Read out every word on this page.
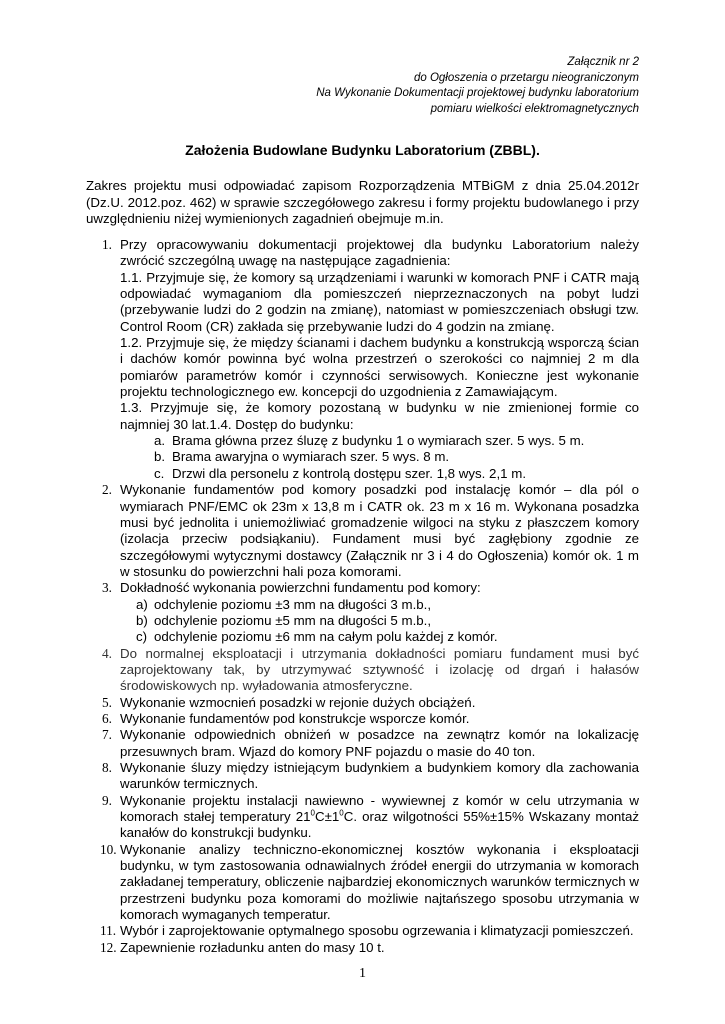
Załącznik nr 2
do Ogłoszenia o przetargu nieograniczonym
Na Wykonanie Dokumentacji projektowej budynku laboratorium
pomiaru wielkości elektromagnetycznych
Założenia Budowlane Budynku Laboratorium (ZBBL).
Zakres projektu musi odpowiadać zapisom Rozporządzenia MTBiGM z dnia 25.04.2012r (Dz.U. 2012.poz. 462) w sprawie szczegółowego zakresu i formy projektu budowlanego i przy uwzględnieniu niżej wymienionych zagadnień obejmuje m.in.
1. Przy opracowywaniu dokumentacji projektowej dla budynku Laboratorium należy zwrócić szczególną uwagę na następujące zagadnienia:
1.1. Przyjmuje się, że komory są urządzeniami i warunki w komorach PNF i CATR mają odpowiadać wymaganiom dla pomieszczeń nieprzeznaczonych na pobyt ludzi (przebywanie ludzi do 2 godzin na zmianę), natomiast w pomieszczeniach obsługi tzw. Control Room (CR) zakłada się przebywanie ludzi do 4 godzin na zmianę.
1.2. Przyjmuje się, że między ścianami i dachem budynku a konstrukcją wsporczą ścian i dachów komór powinna być wolna przestrzeń o szerokości co najmniej 2 m dla pomiarów parametrów komór i czynności serwisowych. Konieczne jest wykonanie projektu technologicznego ew. koncepcji do uzgodnienia z Zamawiającym.
1.3. Przyjmuje się, że komory pozostaną w budynku w nie zmienionej formie co najmniej 30 lat.1.4. Dostęp do budynku:
a. Brama główna przez śluzę z budynku 1 o wymiarach szer. 5 wys. 5 m.
b. Brama awaryjna o wymiarach szer. 5 wys. 8 m.
c. Drzwi dla personelu z kontrolą dostępu szer. 1,8 wys. 2,1 m.
2. Wykonanie fundamentów pod komory posadzki pod instalację komór – dla pól o wymiarach PNF/EMC ok 23m x 13,8 m i CATR ok. 23 m x 16 m. Wykonana posadzka musi być jednolita i uniemożliwiać gromadzenie wilgoci na styku z płaszczem komory (izolacja przeciw podsiąkaniu). Fundament musi być zagłębiony zgodnie ze szczegółowymi wytycznymi dostawcy (Załącznik nr 3 i 4 do Ogłoszenia) komór ok. 1 m w stosunku do powierzchni hali poza komorami.
3. Dokładność wykonania powierzchni fundamentu pod komory:
a) odchylenie poziomu ±3 mm na długości 3 m.b.,
b) odchylenie poziomu ±5 mm na długości 5 m.b.,
c) odchylenie poziomu ±6 mm na całym polu każdej z komór.
4. Do normalnej eksploatacji i utrzymania dokładności pomiaru fundament musi być zaprojektowany tak, by utrzymywać sztywność i izolację od drgań i hałasów środowiskowych np. wyładowania atmosferyczne.
5. Wykonanie wzmocnień posadzki w rejonie dużych obciążeń.
6. Wykonanie fundamentów pod konstrukcje wsporcze komór.
7. Wykonanie odpowiednich obniżeń w posadzce na zewnątrz komór na lokalizację przesuwnych bram. Wjazd do komory PNF pojazdu o masie do 40 ton.
8. Wykonanie śluzy między istniejącym budynkiem a budynkiem komory dla zachowania warunków termicznych.
9. Wykonanie projektu instalacji nawiewno - wywiewnej z komór w celu utrzymania w komorach stałej temperatury $21^0C\pm 1^0C$. oraz wilgotności 55%±15% Wskazany montaż kanałów do konstrukcji budynku.
10. Wykonanie analizy techniczno-ekonomicznej kosztów wykonania i eksploatacji budynku, w tym zastosowania odnawialnych źródeł energii do utrzymania w komorach zakładanej temperatury, obliczenie najbardziej ekonomicznych warunków termicznych w przestrzeni budynku poza komorami do możliwie najtańszego sposobu utrzymania w komorach wymaganych temperatur.
11. Wybór i zaprojektowanie optymalnego sposobu ogrzewania i klimatyzacji pomieszczeń.
12. Zapewnienie rozładunku anten do masy 10 t.
1
